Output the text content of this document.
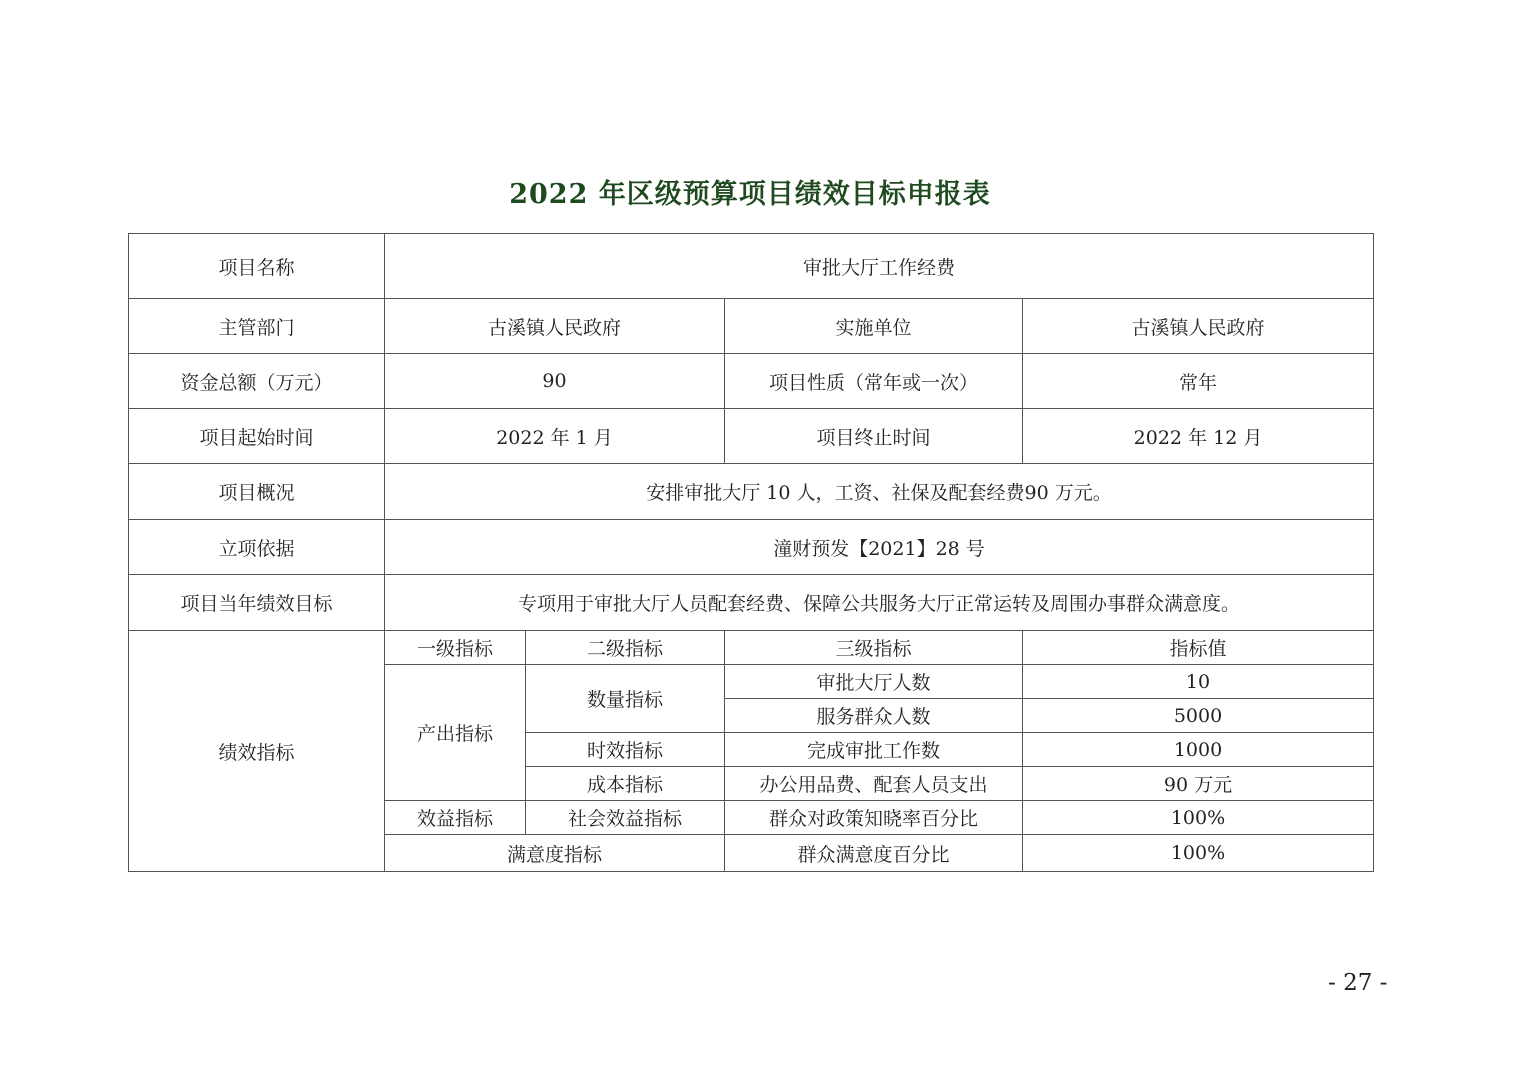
2022 年区级预算项目绩效目标申报表
项目名称	审批大厅工作经费			
主管部门	古溪镇人民政府		实施单位	古溪镇人民政府
资金总额（万元）	90		项目性质（常年或一次）	常年
项目起始时间	2022 年 1 月		项目终止时间	2022 年 12 月
项目概况	安排审批大厅 10 人，工资、社保及配套经费90 万元。			
立项依据	潼财预发【2021】28 号			
项目当年绩效目标	专项用于审批大厅人员配套经费、保障公共服务大厅正常运转及周围办事群众满意度。			
绩效指标	一级指标	二级指标	三级指标	指标值
	产出指标	数量指标	审批大厅人数	10
			服务群众人数	5000
		时效指标	完成审批工作数	1000
		成本指标	办公用品费、配套人员支出	90 万元
	效益指标	社会效益指标	群众对政策知晓率百分比	100%
	满意度指标		群众满意度百分比	100%
- 27 -
